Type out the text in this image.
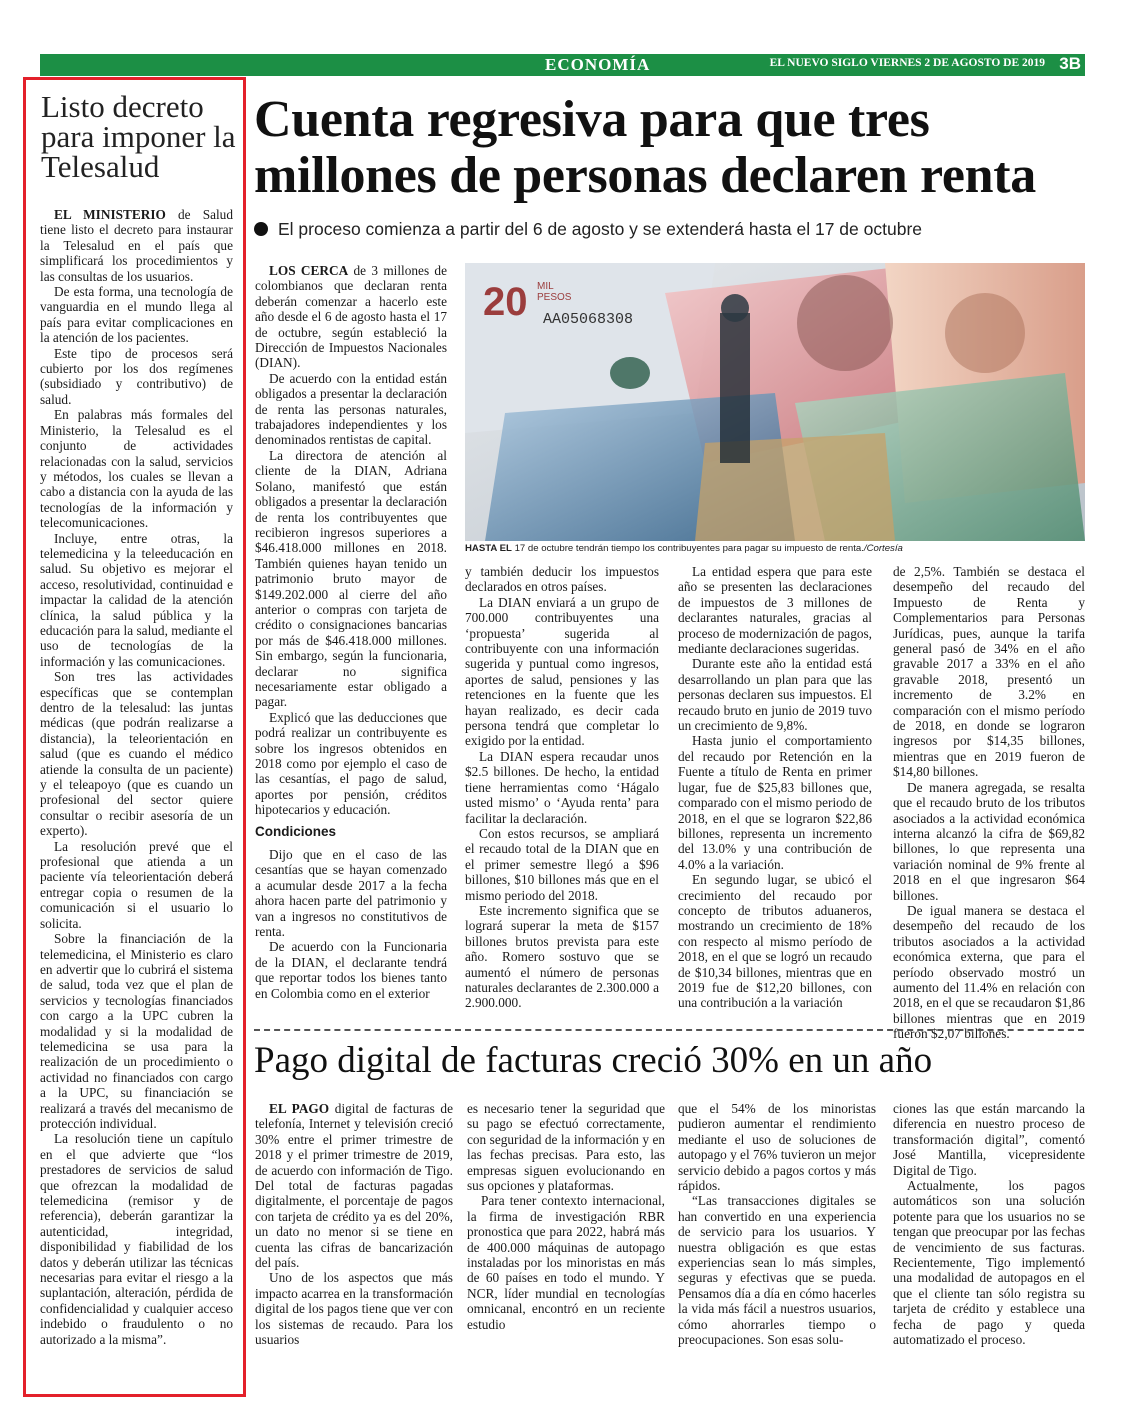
ECONOMÍA	EL NUEVO SIGLO VIERNES 2 DE AGOSTO DE 2019 3B
Listo decreto para imponer la Telesalud

EL MINISTERIO de Salud tiene listo el decreto para instaurar la Telesalud en el país que simplificará los procedimientos y las consultas de los usuarios.

De esta forma, una tecnología de vanguardia en el mundo llega al país para evitar complicaciones en la atención de los pacientes.

Este tipo de procesos será cubierto por los dos regímenes (subsidiado y contributivo) de salud.

En palabras más formales del Ministerio, la Telesalud es el conjunto de actividades relacionadas con la salud, servicios y métodos, los cuales se llevan a cabo a distancia con la ayuda de las tecnologías de la información y telecomunicaciones.

Incluye, entre otras, la telemedicina y la teleeducación en salud. Su objetivo es mejorar el acceso, resolutividad, continuidad e impactar la calidad de la atención clínica, la salud pública y la educación para la salud, mediante el uso de tecnologías de la información y las comunicaciones.

Son tres las actividades específicas que se contemplan dentro de la telesalud: las juntas médicas (que podrán realizarse a distancia), la teleorientación en salud (que es cuando el médico atiende la consulta de un paciente) y el teleapoyo (que es cuando un profesional del sector quiere consultar o recibir asesoría de un experto).

La resolución prevé que el profesional que atienda a un paciente vía teleorientación deberá entregar copia o resumen de la comunicación si el usuario lo solicita.

Sobre la financiación de la telemedicina, el Ministerio es claro en advertir que lo cubrirá el sistema de salud, toda vez que el plan de servicios y tecnologías financiados con cargo a la UPC cubren la modalidad y si la modalidad de telemedicina se usa para la realización de un procedimiento o actividad no financiados con cargo a la UPC, su financiación se realizará a través del mecanismo de protección individual.

La resolución tiene un capítulo en el que advierte que “los prestadores de servicios de salud que ofrezcan la modalidad de telemedicina (remisor y de referencia), deberán garantizar la autenticidad, integridad, disponibilidad y fiabilidad de los datos y deberán utilizar las técnicas necesarias para evitar el riesgo a la suplantación, alteración, pérdida de confidencialidad y cualquier acceso indebido o fraudulento o no autorizado a la misma”.

Cuenta regresiva para que tres millones de personas declaren renta
El proceso comienza a partir del 6 de agosto y se extenderá hasta el 17 de octubre

LOS CERCA de 3 millones de colombianos que declaran renta deberán comenzar a hacerlo este año desde el 6 de agosto hasta el 17 de octubre, según estableció la Dirección de Impuestos Nacionales (DIAN).

De acuerdo con la entidad están obligados a presentar la declaración de renta las personas naturales, trabajadores independientes y los denominados rentistas de capital.

La directora de atención al cliente de la DIAN, Adriana Solano, manifestó que están obligados a presentar la declaración de renta los contribuyentes que recibieron ingresos superiores a $46.418.000 millones en 2018. También quienes hayan tenido un patrimonio bruto mayor de $149.202.000 al cierre del año anterior o compras con tarjeta de crédito o consignaciones bancarias por más de $46.418.000 millones. Sin embargo, según la funcionaria, declarar no significa necesariamente estar obligado a pagar.

Explicó que las deducciones que podrá realizar un contribuyente es sobre los ingresos obtenidos en 2018 como por ejemplo el caso de las cesantías, el pago de salud, aportes por pensión, créditos hipotecarios y educación.

Condiciones

Dijo que en el caso de las cesantías que se hayan comenzado a acumular desde 2017 a la fecha ahora hacen parte del patrimonio y van a ingresos no constitutivos de renta.

De acuerdo con la Funcionaria de la DIAN, el declarante tendrá que reportar todos los bienes tanto en Colombia como en el exterior

20 MIL
PESOS
AA05068308
HASTA EL 17 de octubre tendrán tiempo los contribuyentes para pagar su impuesto de renta./Cortesía

y también deducir los impuestos declarados en otros países.

La DIAN enviará a un grupo de 700.000 contribuyentes una ‘propuesta’ sugerida al contribuyente con una información sugerida y puntual como ingresos, aportes de salud, pensiones y las retenciones en la fuente que les hayan realizado, es decir cada persona tendrá que completar lo exigido por la entidad.

La DIAN espera recaudar unos $2.5 billones. De hecho, la entidad tiene herramientas como ‘Hágalo usted mismo’ o ‘Ayuda renta’ para facilitar la declaración.

Con estos recursos, se ampliará el recaudo total de la DIAN que en el primer semestre llegó a $96 billones, $10 billones más que en el mismo periodo del 2018.

Este incremento significa que se logrará superar la meta de $157 billones brutos prevista para este año. Romero sostuvo que se aumentó el número de personas naturales declarantes de 2.300.000 a 2.900.000.

La entidad espera que para este año se presenten las declaraciones de impuestos de 3 millones de declarantes naturales, gracias al proceso de modernización de pagos, mediante declaraciones sugeridas.

Durante este año la entidad está desarrollando un plan para que las personas declaren sus impuestos. El recaudo bruto en junio de 2019 tuvo un crecimiento de 9,8%.

Hasta junio el comportamiento del recaudo por Retención en la Fuente a título de Renta en primer lugar, fue de $25,83 billones que, comparado con el mismo periodo de 2018, en el que se lograron $22,86 billones, representa un incremento del 13.0% y una contribución de 4.0% a la variación.

En segundo lugar, se ubicó el crecimiento del recaudo por concepto de tributos aduaneros, mostrando un crecimiento de 18% con respecto al mismo período de 2018, en el que se logró un recaudo de $10,34 billones, mientras que en 2019 fue de $12,20 billones, con una contribución a la variación

de 2,5%. También se destaca el desempeño del recaudo del Impuesto de Renta y Complementarios para Personas Jurídicas, pues, aunque la tarifa general pasó de 34% en el año gravable 2017 a 33% en el año gravable 2018, presentó un incremento de 3.2% en comparación con el mismo período de 2018, en donde se lograron ingresos por $14,35 billones, mientras que en 2019 fueron de $14,80 billones.

De manera agregada, se resalta que el recaudo bruto de los tributos asociados a la actividad económica interna alcanzó la cifra de $69,82 billones, lo que representa una variación nominal de 9% frente al 2018 en el que ingresaron $64 billones.

De igual manera se destaca el desempeño del recaudo de los tributos asociados a la actividad económica externa, que para el período observado mostró un aumento del 11.4% en relación con 2018, en el que se recaudaron $1,86 billones mientras que en 2019 fueron $2,07 billones.

Pago digital de facturas creció 30% en un año

EL PAGO digital de facturas de telefonía, Internet y televisión creció 30% entre el primer trimestre de 2018 y el primer trimestre de 2019, de acuerdo con información de Tigo. Del total de facturas pagadas digitalmente, el porcentaje de pagos con tarjeta de crédito ya es del 20%, un dato no menor si se tiene en cuenta las cifras de bancarización del país.

Uno de los aspectos que más impacto acarrea en la transformación digital de los pagos tiene que ver con los sistemas de recaudo. Para los usuarios

es necesario tener la seguridad que su pago se efectuó correctamente, con seguridad de la información y en las fechas precisas. Para esto, las empresas siguen evolucionando en sus opciones y plataformas.

Para tener contexto internacional, la firma de investigación RBR pronostica que para 2022, habrá más de 400.000 máquinas de autopago instaladas por los minoristas en más de 60 países en todo el mundo. Y NCR, líder mundial en tecnologías omnicanal, encontró en un reciente estudio

que el 54% de los minoristas pudieron aumentar el rendimiento mediante el uso de soluciones de autopago y el 76% tuvieron un mejor servicio debido a pagos cortos y más rápidos.

“Las transacciones digitales se han convertido en una experiencia de servicio para los usuarios. Y nuestra obligación es que estas experiencias sean lo más simples, seguras y efectivas que se pueda. Pensamos día a día en cómo hacerles la vida más fácil a nuestros usuarios, cómo ahorrarles tiempo o preocupaciones. Son esas solu-

ciones las que están marcando la diferencia en nuestro proceso de transformación digital”, comentó José Mantilla, vicepresidente Digital de Tigo.

Actualmente, los pagos automáticos son una solución potente para que los usuarios no se tengan que preocupar por las fechas de vencimiento de sus facturas. Recientemente, Tigo implementó una modalidad de autopagos en el que el cliente tan sólo registra su tarjeta de crédito y establece una fecha de pago y queda automatizado el proceso.
